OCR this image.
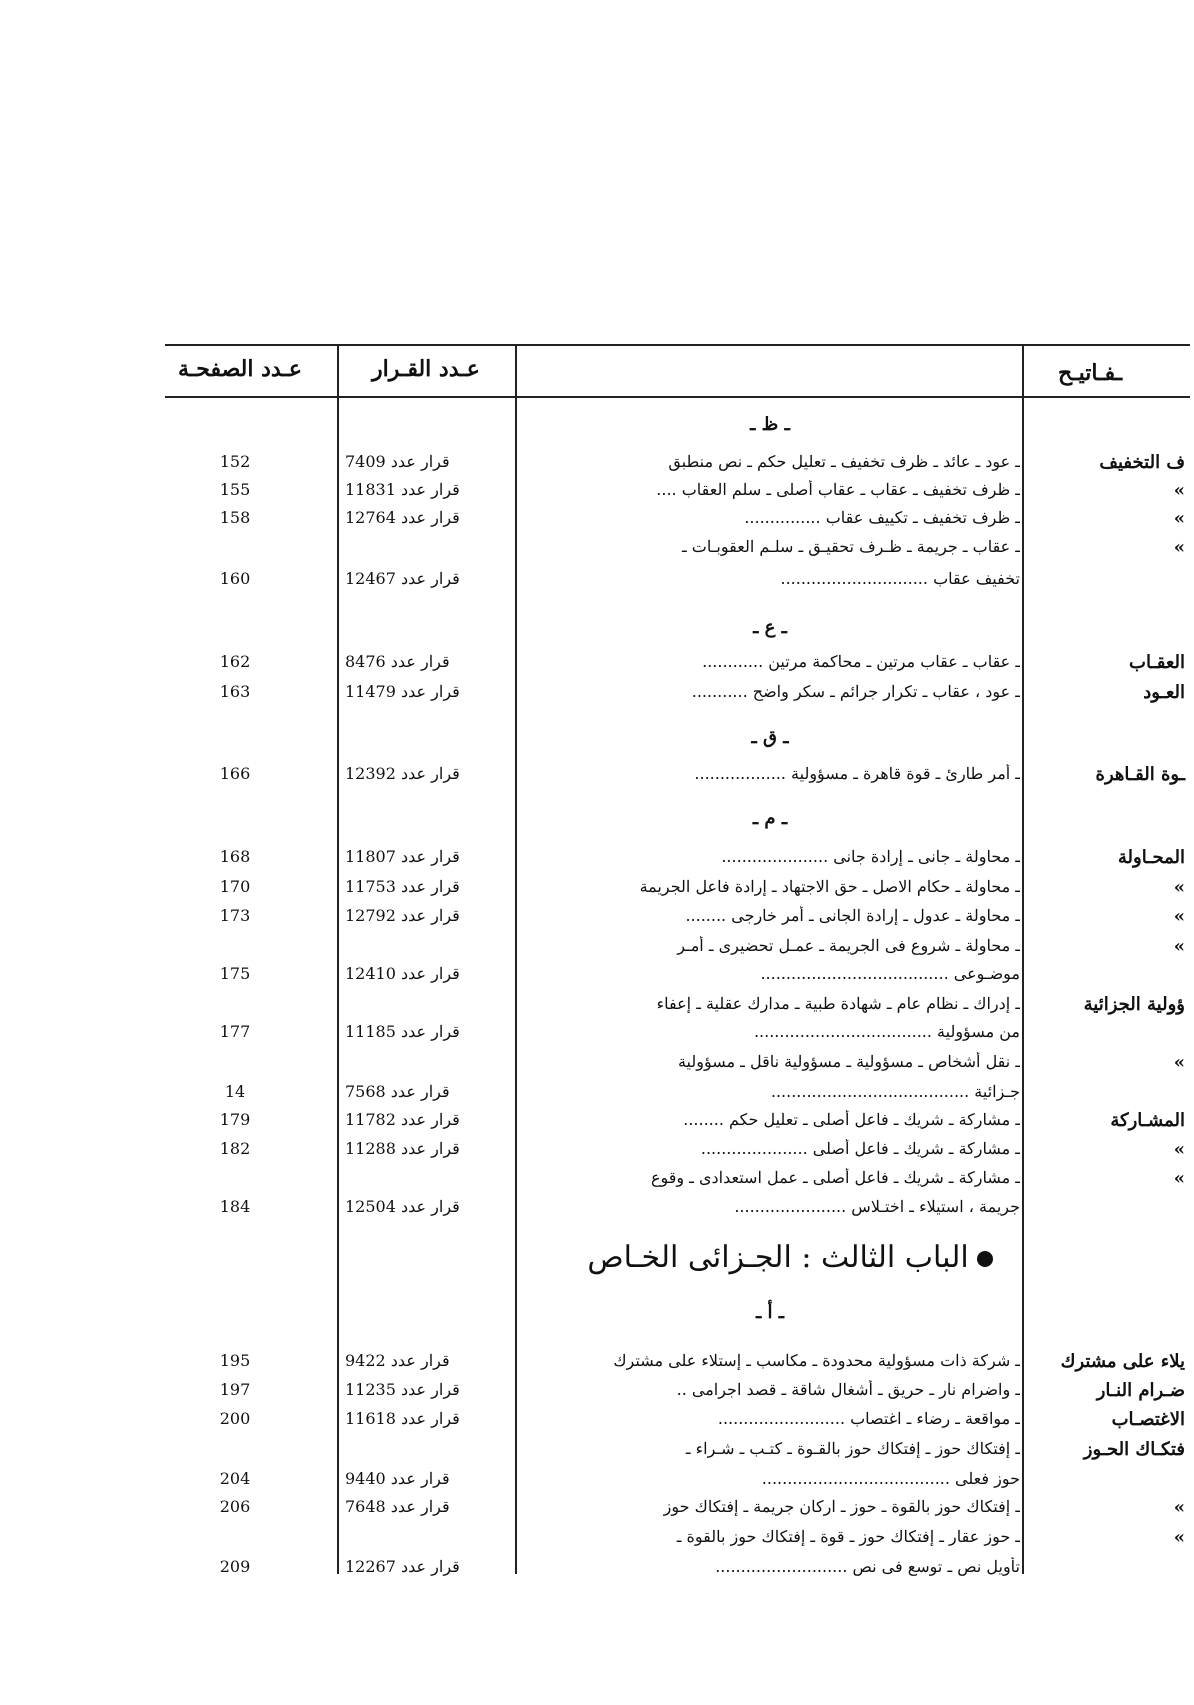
عـدد الصفحـة	عـدد القـرار	ـفـاتيـح
ـ ظ ـ
ـ ع ـ
ـ ق ـ
ـ م ـ
ـ أ ـ
الباب الثالث : الجـزائى الخـاص
ف التخفيف
ـ عود ـ عائد ـ ظرف تخفيف ـ تعليل حكم ـ نص منطبق
قرار عدد 7409
152
»
ـ ظرف تخفيف ـ عقاب ـ عقاب أصلى ـ سلم العقاب ....
قرار عدد 11831
155
»
ـ ظرف تخفيف ـ تكييف عقاب ...............
قرار عدد 12764
158
»
ـ عقاب ـ جريمة ـ ظـرف تحقيـق ـ سلـم العقوبـات ـ
تخفيف عقاب .............................
قرار عدد 12467
160
العقـاب
ـ عقاب ـ عقاب مرتين ـ محاكمة مرتين ............
قرار عدد 8476
162
العـود
ـ عود ، عقاب ـ تكرار جرائم ـ سكر واضح ...........
قرار عدد 11479
163
ـوة القـاهرة
ـ أمر طارئ ـ قوة قاهرة ـ مسؤولية ..................
قرار عدد 12392
166
المحـاولة
ـ محاولة ـ جانى ـ إرادة جانى .....................
قرار عدد 11807
168
»
ـ محاولة ـ حكام الاصل ـ حق الاجتهاد ـ إرادة فاعل الجريمة
قرار عدد 11753
170
»
ـ محاولة ـ عدول ـ إرادة الجانى ـ أمر خارجى ........
قرار عدد 12792
173
»
ـ محاولة ـ شروع فى الجريمة ـ عمـل تحضيرى ـ أمـر
موضـوعى .....................................
قرار عدد 12410
175
ؤولية الجزائية
ـ إدراك ـ نظام عام ـ شهادة طبية ـ مدارك عقلية ـ إعفاء
من مسؤولية ...................................
قرار عدد 11185
177
»
ـ نقل أشخاص ـ مسؤولية ـ مسؤولية ناقل ـ مسؤولية
جـزائية .......................................
قرار عدد 7568
14
المشـاركة
ـ مشاركة ـ شريك ـ فاعل أصلى ـ تعليل حكم ........
قرار عدد 11782
179
»
ـ مشاركة ـ شريك ـ فاعل أصلى .....................
قرار عدد 11288
182
»
ـ مشاركة ـ شريك ـ فاعل أصلى ـ عمل استعدادى ـ وقوع
جريمة ، استيلاء ـ اختـلاس ......................
قرار عدد 12504
184
يلاء على مشترك
ـ شركة ذات مسؤولية محدودة ـ مكاسب ـ إستلاء على مشترك
قرار عدد 9422
195
ضـرام النـار
ـ واضرام نار ـ حريق ـ أشغال شاقة ـ قصد اجرامى ..
قرار عدد 11235
197
الاغتصـاب
ـ مواقعة ـ رضاء ـ اغتصاب .........................
قرار عدد 11618
200
فتكـاك الحـوز
ـ إفتكاك حوز ـ إفتكاك حوز بالقـوة ـ كتـب ـ شـراء ـ
حوز فعلى .....................................
قرار عدد 9440
204
»
ـ إفتكاك حوز بالقوة ـ حوز ـ اركان جريمة ـ إفتكاك حوز
قرار عدد 7648
206
»
ـ حوز عقار ـ إفتكاك حوز ـ قوة ـ إفتكاك حوز بالقوة ـ
تأويل نص ـ توسع فى نص ..........................
قرار عدد 12267
209
